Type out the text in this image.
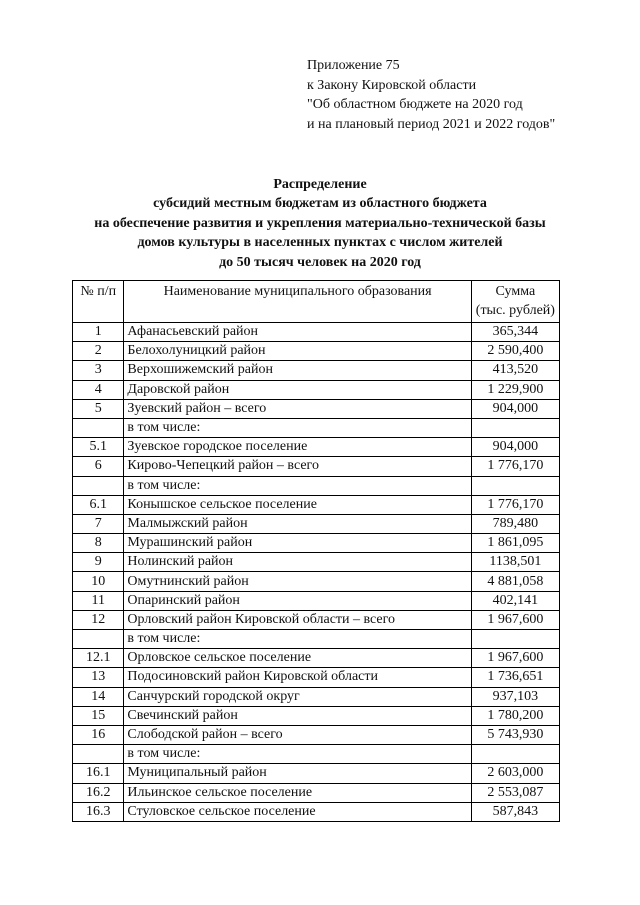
Приложение 75
к Закону Кировской области
"Об областном бюджете на 2020 год
и на плановый период 2021 и 2022 годов"
Распределение
субсидий местным бюджетам из областного бюджета
на обеспечение развития и укрепления материально-технической базы
домов культуры в населенных пунктах с числом жителей
до 50 тысяч человек на 2020 год
№ п/п	Наименование муниципального образования	Сумма
(тыс. рублей)

1	Афанасьевский район	365,344
2	Белохолуницкий район	2 590,400
3	Верхошижемский район	413,520
4	Даровской район	1 229,900
5	Зуевский район – всего	904,000
	в том числе:	
5.1	Зуевское городское поселение	904,000
6	Кирово-Чепецкий район – всего	1 776,170
	в том числе:	
6.1	Конышское сельское поселение	1 776,170
7	Малмыжский район	789,480
8	Мурашинский район	1 861,095
9	Нолинский район	1138,501
10	Омутнинский район	4 881,058
11	Опаринский район	402,141
12	Орловский район Кировской области – всего	1 967,600
	в том числе:	
12.1	Орловское сельское поселение	1 967,600
13	Подосиновский район Кировской области	1 736,651
14	Санчурский городской округ	937,103
15	Свечинский район	1 780,200
16	Слободской район – всего	5 743,930
	в том числе:	
16.1	Муниципальный район	2 603,000
16.2	Ильинское сельское поселение	2 553,087
16.3	Стуловское сельское поселение	587,843
